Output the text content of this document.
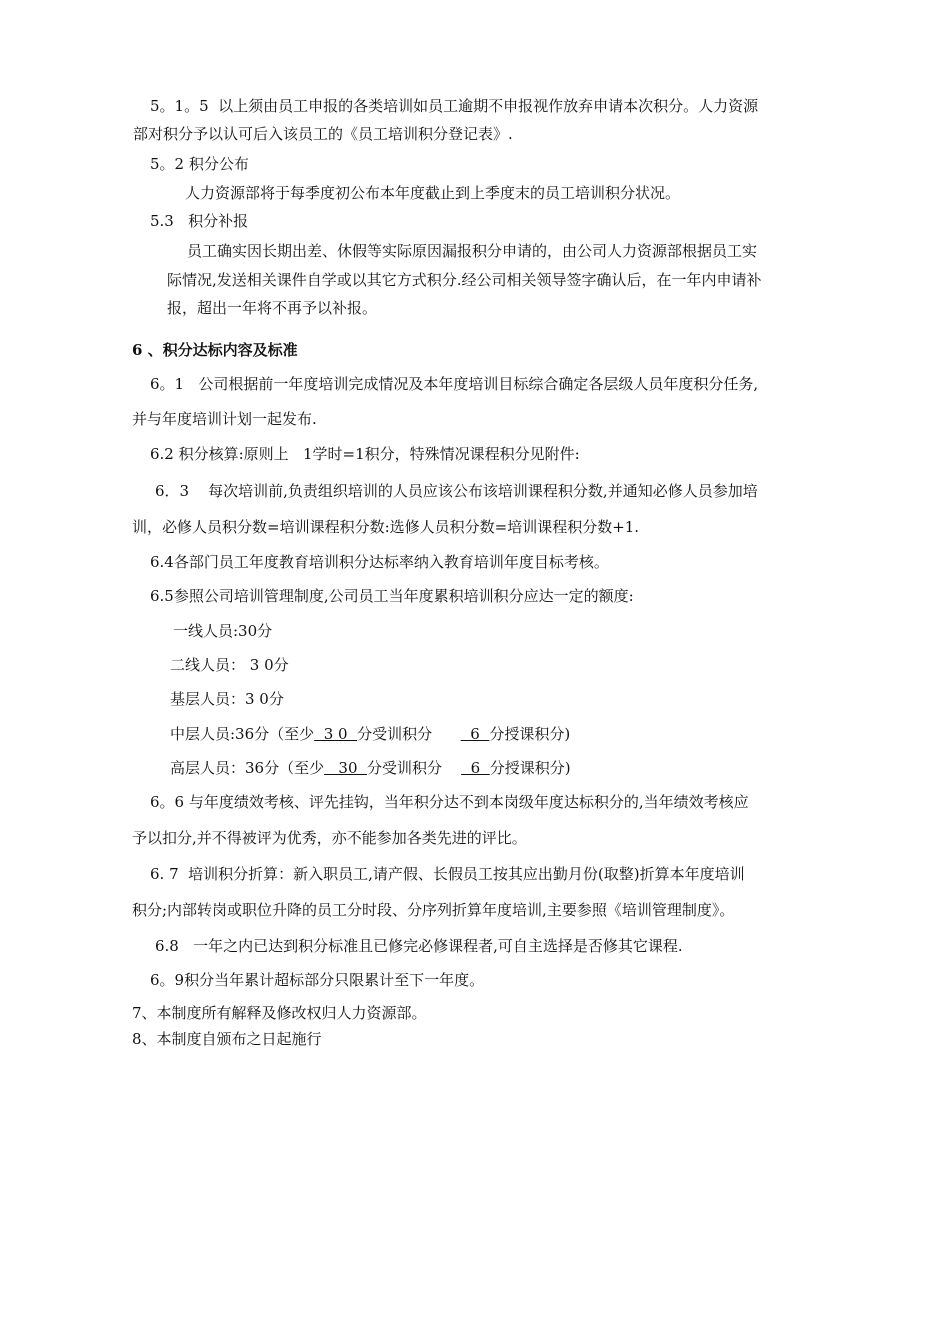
5。1。5  以上须由员工申报的各类培训如员工逾期不申报视作放弃申请本次积分。人力资源
部对积分予以认可后入该员工的《员工培训积分登记表》.
5。2 积分公布
人力资源部将于每季度初公布本年度截止到上季度末的员工培训积分状况。
5.3   积分补报
员工确实因长期出差、休假等实际原因漏报积分申请的，由公司人力资源部根据员工实
际情况,发送相关课件自学或以其它方式积分.经公司相关领导签字确认后，在一年内申请补
报，超出一年将不再予以补报。
6 、积分达标内容及标准
6。1   公司根据前一年度培训完成情况及本年度培训目标综合确定各层级人员年度积分任务,
并与年度培训计划一起发布.
6.2 积分核算:原则上   1学时=1积分，特殊情况课程积分见附件:
6．3    每次培训前,负责组织培训的人员应该公布该培训课程积分数,并通知必修人员参加培
训，必修人员积分数=培训课程积分数:选修人员积分数=培训课程积分数+1.
6.4各部门员工年度教育培训积分达标率纳入教育培训年度目标考核。
6.5参照公司培训管理制度,公司员工当年度累积培训积分应达一定的额度:
一线人员:30分
二线人员： 3 0分
基层人员：3 0分
中层人员:36分（至少  3 0  分受训积分        6  分授课积分)
高层人员：36分（至少   30  分受训积分      6  分授课积分)
6。6 与年度绩效考核、评先挂钩，当年积分达不到本岗级年度达标积分的,当年绩效考核应
予以扣分,并不得被评为优秀，亦不能参加各类先进的评比。
6. 7  培训积分折算：新入职员工,请产假、长假员工按其应出勤月份(取整)折算本年度培训
积分;内部转岗或职位升降的员工分时段、分序列折算年度培训,主要参照《培训管理制度》。
6.8   一年之内已达到积分标准且已修完必修课程者,可自主选择是否修其它课程.
6。9积分当年累计超标部分只限累计至下一年度。
7、本制度所有解释及修改权归人力资源部。
8、本制度自颁布之日起施行
